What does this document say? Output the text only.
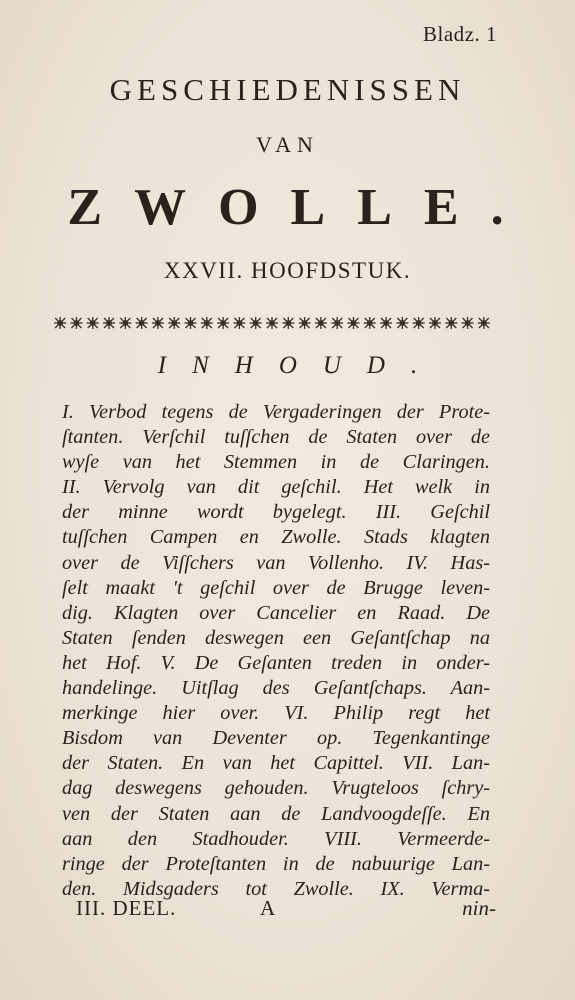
Bladz. 1
GESCHIEDENISSEN
VAN
ZWOLLE.
XXVII. HOOFDSTUK.
INHOUD.
I. Verbod tegens de Vergaderingen der Prote-
ſtanten. Verſchil tuſſchen de Staten over de
wyſe van het Stemmen in de Claringen.
II. Vervolg van dit geſchil. Het welk in
der minne wordt bygelegt. III. Geſchil
tuſſchen Campen en Zwolle. Stads klagten
over de Viſſchers van Vollenho. IV. Has-
ſelt maakt 't geſchil over de Brugge leven-
dig. Klagten over Cancelier en Raad. De
Staten ſenden deswegen een Geſantſchap na
het Hof. V. De Geſanten treden in onder-
handelinge. Uitſlag des Geſantſchaps. Aan-
merkinge hier over. VI. Philip regt het
Bisdom van Deventer op. Tegenkantinge
der Staten. En van het Capittel. VII. Lan-
dag deswegens gehouden. Vrugteloos ſchry-
ven der Staten aan de Landvoogdeſſe. En
aan den Stadhouder. VIII. Vermeerde-
ringe der Proteſtanten in de nabuurige Lan-
den. Midsgaders tot Zwolle. IX. Verma-
III. DEEL.	A	nin-
